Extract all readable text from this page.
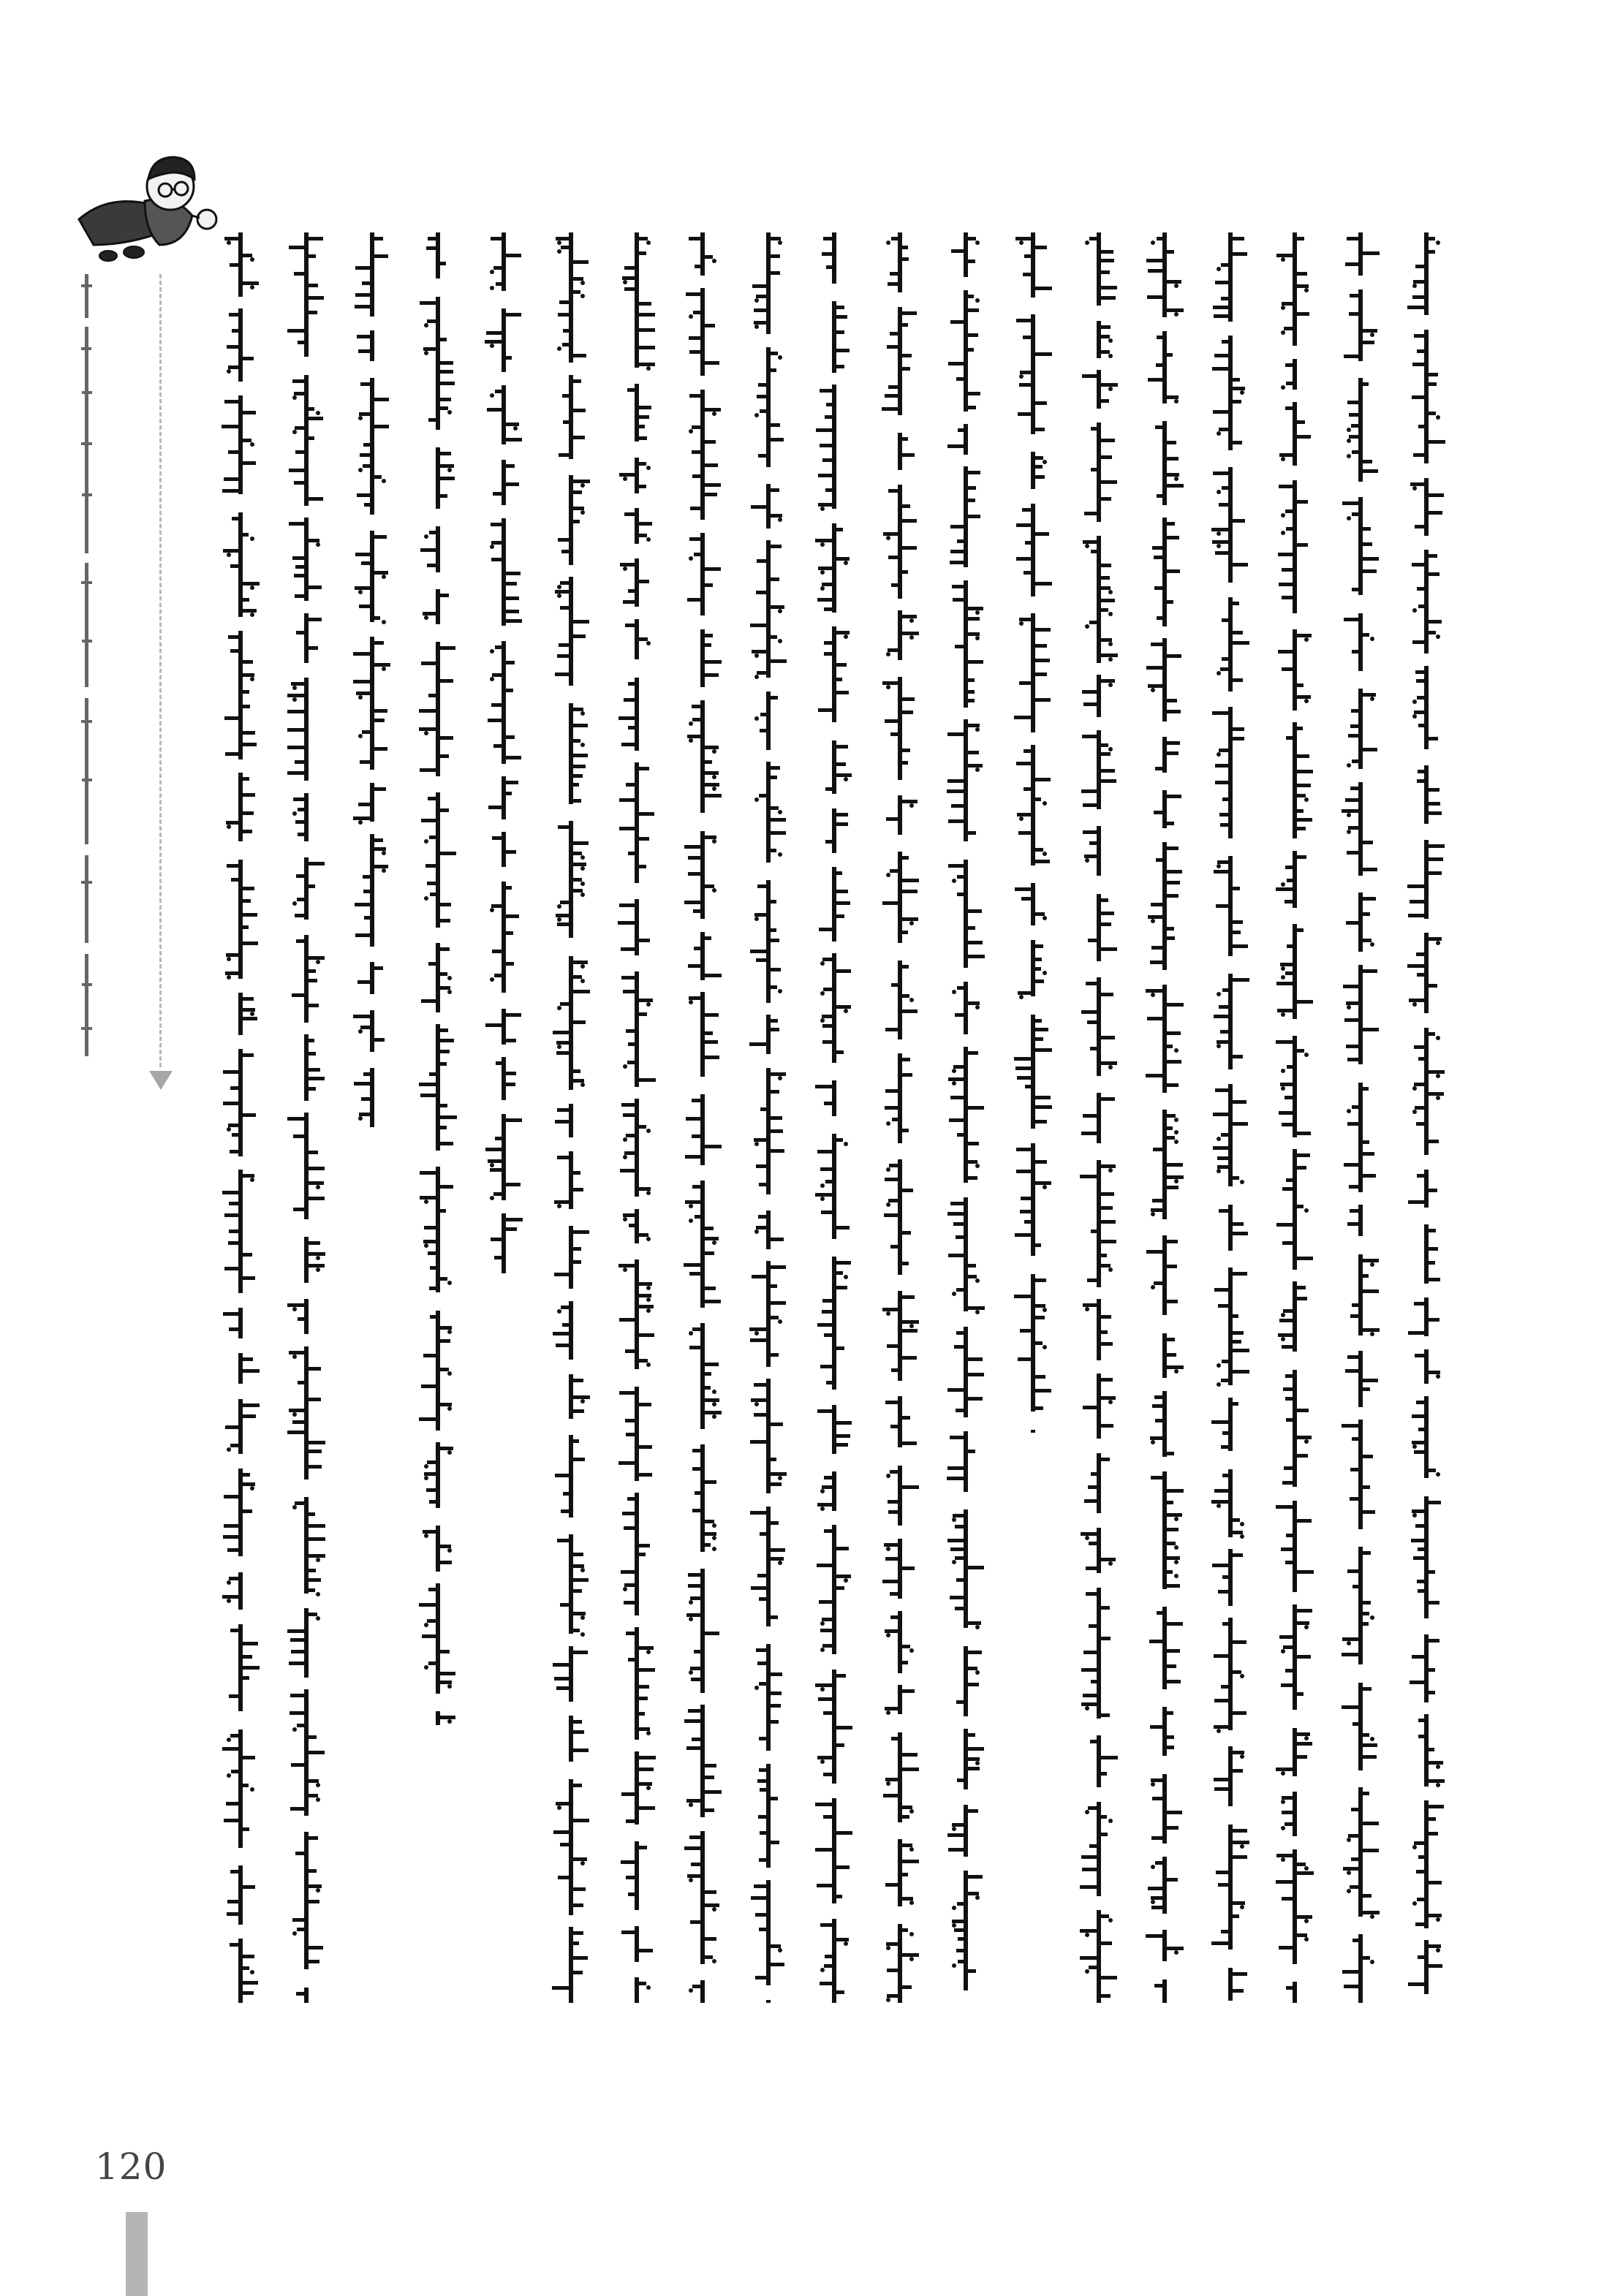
120
